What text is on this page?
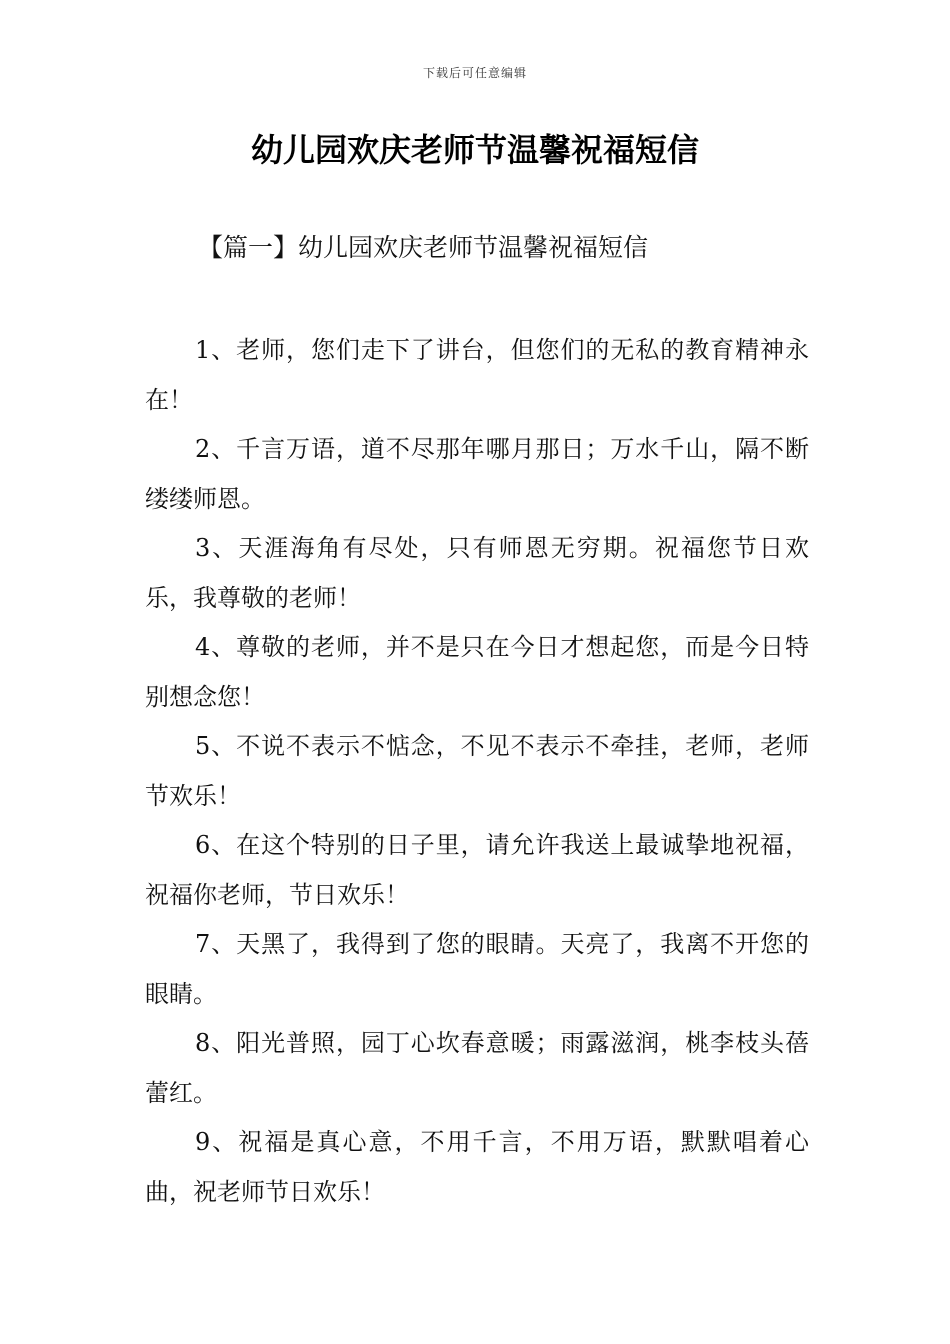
下载后可任意编辑
幼儿园欢庆老师节温馨祝福短信
【篇一】幼儿园欢庆老师节温馨祝福短信

1、老师，您们走下了讲台，但您们的无私的教育精神永在！

2、千言万语，道不尽那年哪月那日；万水千山，隔不断缕缕师恩。

3、天涯海角有尽处，只有师恩无穷期。祝福您节日欢乐，我尊敬的老师！

4、尊敬的老师，并不是只在今日才想起您，而是今日特别想念您！

5、不说不表示不惦念，不见不表示不牵挂，老师，老师节欢乐！

6、在这个特别的日子里，请允许我送上最诚挚地祝福，祝福你老师，节日欢乐！

7、天黑了，我得到了您的眼睛。天亮了，我离不开您的眼睛。

8、阳光普照，园丁心坎春意暖；雨露滋润，桃李枝头蓓蕾红。

9、祝福是真心意，不用千言，不用万语，默默唱着心曲，祝老师节日欢乐！
